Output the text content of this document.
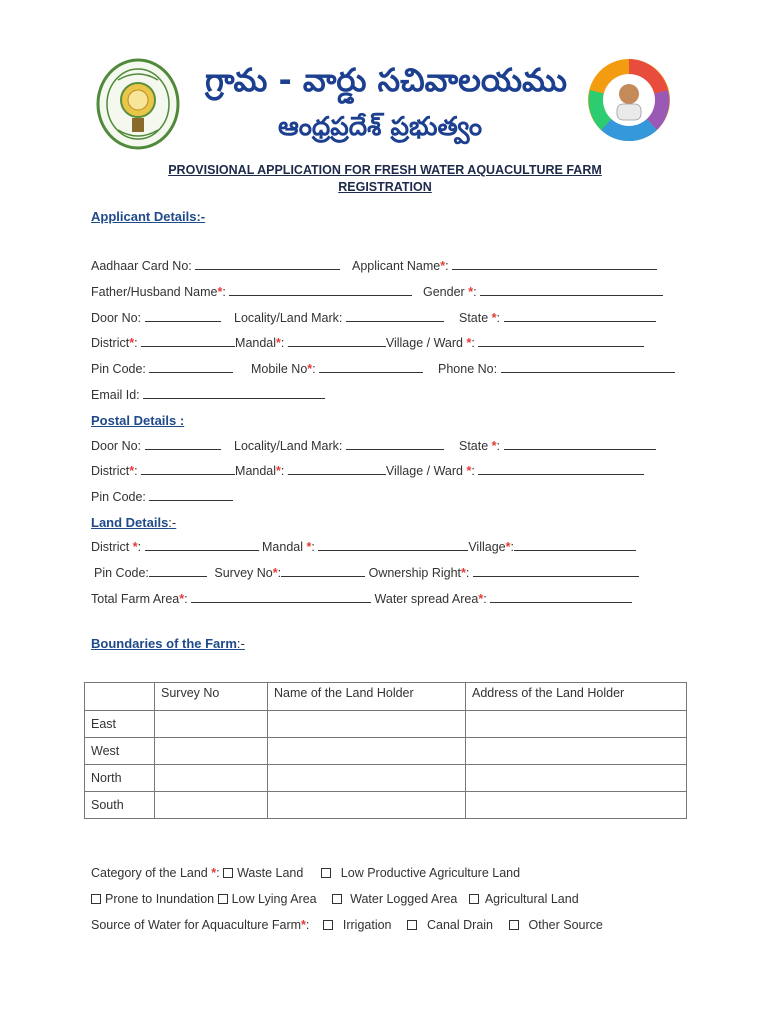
గ్రామ - వార్డు సచివాలయము
ఆంధ్రప్రదేశ్ ప్రభుత్వం
PROVISIONAL APPLICATION FOR FRESH WATER AQUACULTURE FARM
REGISTRATION
Applicant Details:-
Aadhaar Card No:	Applicant Name*:
Father/Husband Name*:	Gender *:
Door No:	Locality/Land Mark:	State *:
District*:	Mandal*:	Village / Ward *:
Pin Code:	Mobile No*:	Phone No:
Email Id:
Postal Details :
Door No:	Locality/Land Mark:	State *:
District*:	Mandal*:	Village / Ward *:
Pin Code:
Land Details:-
District *:	Mandal *:	Village*:
Pin Code:	Survey No*:	Ownership Right*:
Total Farm Area*:	Water spread Area*:
Boundaries of the Farm:-
	Survey No	Name of the Land Holder	Address of the Land Holder
East			
West			
North			
South			
Category of the Land *: Waste Land	Low Productive Agriculture Land
Prone to Inundation Low Lying Area	Water Logged Area Agricultural Land
Source of Water for Aquaculture Farm*: Irrigation	Canal Drain	Other Source
